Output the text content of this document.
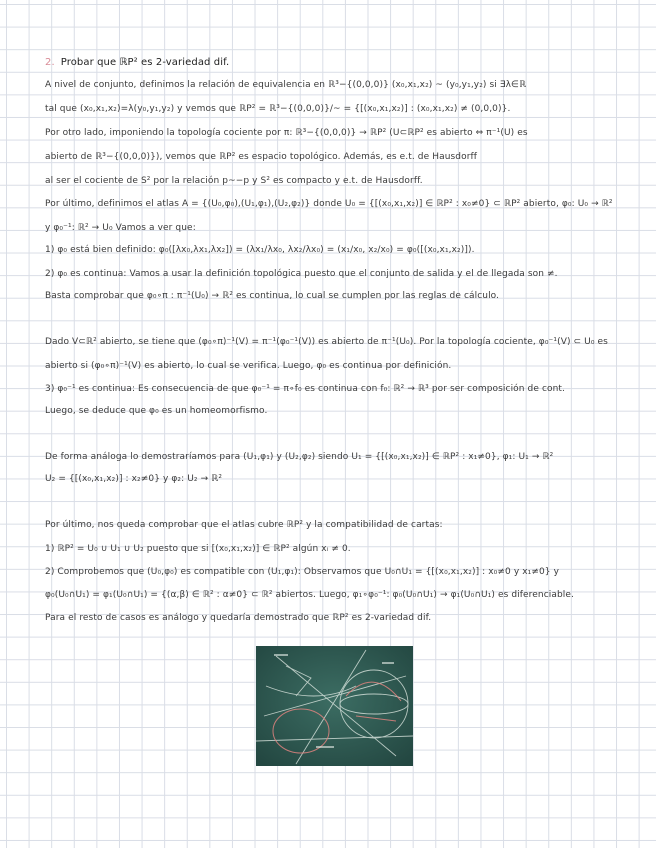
2. Probar que ℝP² es 2-variedad dif.
A nivel de conjunto, definimos la relación de equivalencia en ℝ³−{(0,0,0)} (x₀,x₁,x₂) ~ (y₀,y₁,y₂) si ∃λ∈ℝ
tal que (x₀,x₁,x₂)=λ(y₀,y₁,y₂) y vemos que ℝP² = ℝ³−{(0,0,0)}/~ = {[(x₀,x₁,x₂)] : (x₀,x₁,x₂) ≠ (0,0,0)}.
Por otro lado, imponiendo la topología cociente por π: ℝ³−{(0,0,0)} → ℝP² (U⊂ℝP² es abierto ⇔ π⁻¹(U) es
abierto de ℝ³−{(0,0,0)}), vemos que ℝP² es espacio topológico. Además, es e.t. de Hausdorff
al ser el cociente de S² por la relación p~−p y S² es compacto y e.t. de Hausdorff.
Por último, definimos el atlas A = {(U₀,φ₀),(U₁,φ₁),(U₂,φ₂)} donde U₀ = {[(x₀,x₁,x₂)] ∈ ℝP² : x₀≠0} ⊂ ℝP² abierto, φ₀: U₀ → ℝ²
y φ₀⁻¹: ℝ² → U₀ Vamos a ver que:
1) φ₀ está bien definido: φ₀([λx₀,λx₁,λx₂]) = (λx₁/λx₀, λx₂/λx₀) = (x₁/x₀, x₂/x₀) = φ₀([(x₀,x₁,x₂)]).
2) φ₀ es continua: Vamos a usar la definición topológica puesto que el conjunto de salida y el de llegada son ≠.
Basta comprobar que φ₀∘π : π⁻¹(U₀) → ℝ² es continua, lo cual se cumplen por las reglas de cálculo.
Dado V⊂ℝ² abierto, se tiene que (φ₀∘π)⁻¹(V) = π⁻¹(φ₀⁻¹(V)) es abierto de π⁻¹(U₀). Por la topología cociente, φ₀⁻¹(V) ⊂ U₀ es
abierto si (φ₀∘π)⁻¹(V) es abierto, lo cual se verifica. Luego, φ₀ es continua por definición.
3) φ₀⁻¹ es continua: Es consecuencia de que φ₀⁻¹ = π∘f₀ es continua con f₀: ℝ² → ℝ³ por ser composición de cont.
Luego, se deduce que φ₀ es un homeomorfismo.
De forma análoga lo demostraríamos para (U₁,φ₁) y (U₂,φ₂) siendo U₁ = {[(x₀,x₁,x₂)] ∈ ℝP² : x₁≠0}, φ₁: U₁ → ℝ²
U₂ = {[(x₀,x₁,x₂)] : x₂≠0} y φ₂: U₂ → ℝ²
Por último, nos queda comprobar que el atlas cubre ℝP² y la compatibilidad de cartas:
1) ℝP² = U₀ ∪ U₁ ∪ U₂ puesto que si [(x₀,x₁,x₂)] ∈ ℝP² algún xᵢ ≠ 0.
2) Comprobemos que (U₀,φ₀) es compatible con (U₁,φ₁): Observamos que U₀∩U₁ = {[(x₀,x₁,x₂)] : x₀≠0 y x₁≠0} y
φ₀(U₀∩U₁) = φ₁(U₀∩U₁) = {(α,β) ∈ ℝ² : α≠0} ⊂ ℝ² abiertos. Luego, φ₁∘φ₀⁻¹: φ₀(U₀∩U₁) → φ₁(U₀∩U₁) es diferenciable.
Para el resto de casos es análogo y quedaría demostrado que ℝP² es 2-variedad dif.
